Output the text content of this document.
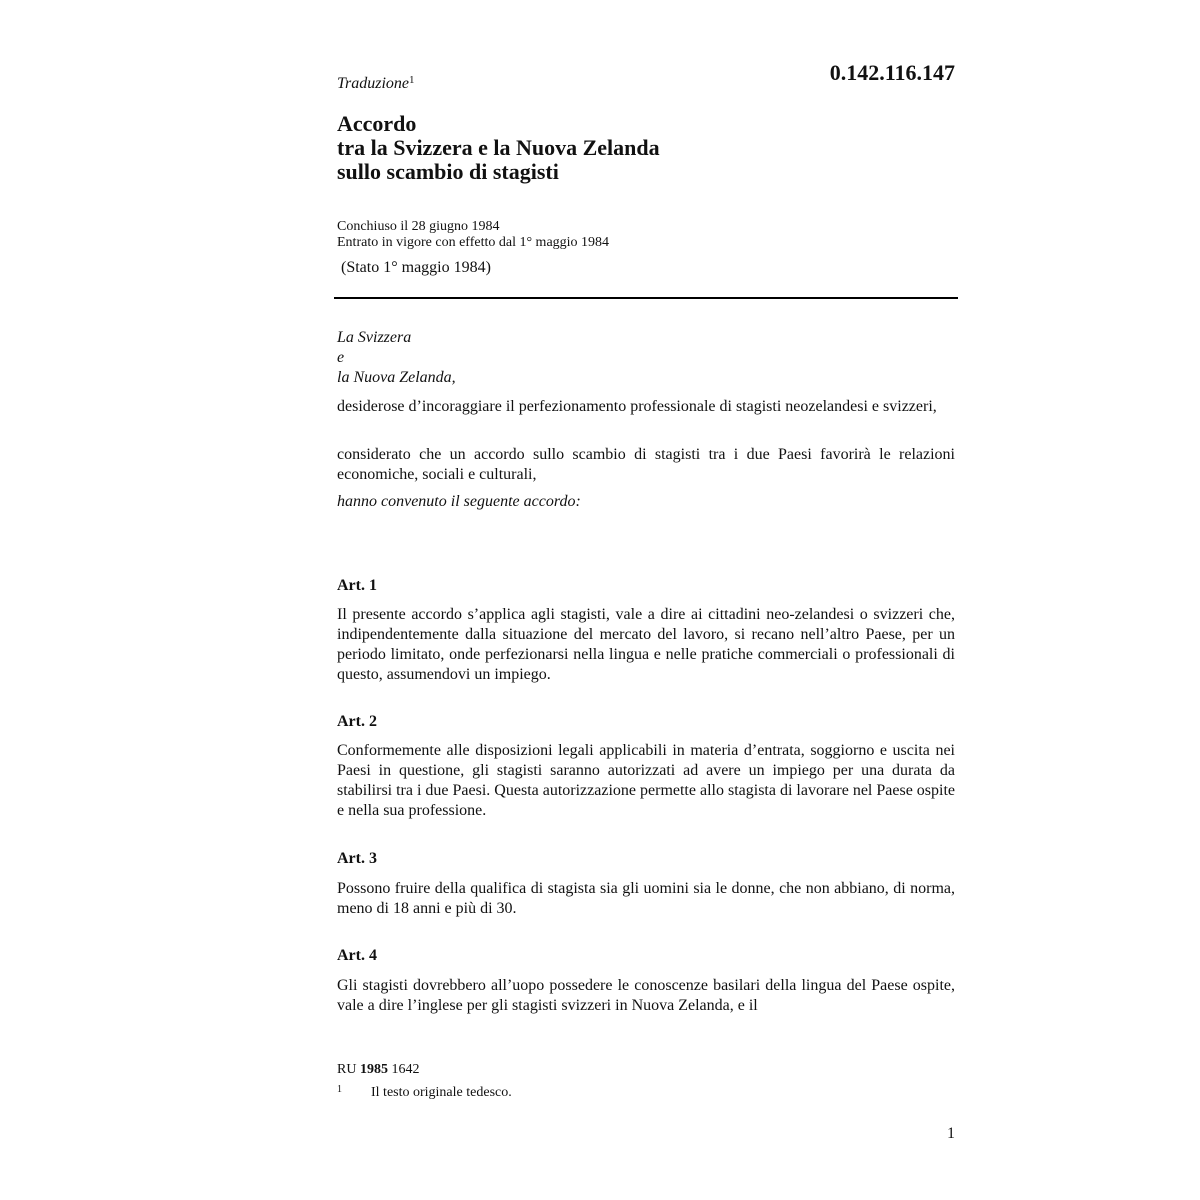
0.142.116.147
Traduzione$^1$
Accordo
tra la Svizzera e la Nuova Zelanda
sullo scambio di stagisti
Conchiuso il 28 giugno 1984
Entrato in vigore con effetto dal 1° maggio 1984
(Stato 1° maggio 1984)
La Svizzera
e
la Nuova Zelanda,

desiderose d’incoraggiare il perfezionamento professionale di stagisti neozelandesi e svizzeri,

considerato che un accordo sullo scambio di stagisti tra i due Paesi favorirà le relazioni economiche, sociali e culturali,

hanno convenuto il seguente accordo:

Art. 1

Il presente accordo s’applica agli stagisti, vale a dire ai cittadini neo-zelandesi o svizzeri che, indipendentemente dalla situazione del mercato del lavoro, si recano nell’altro Paese, per un periodo limitato, onde perfezionarsi nella lingua e nelle pratiche commerciali o professionali di questo, assumendovi un impiego.

Art. 2

Conformemente alle disposizioni legali applicabili in materia d’entrata, soggiorno e uscita nei Paesi in questione, gli stagisti saranno autorizzati ad avere un impiego per una durata da stabilirsi tra i due Paesi. Questa autorizzazione permette allo stagista di lavorare nel Paese ospite e nella sua professione.

Art. 3

Possono fruire della qualifica di stagista sia gli uomini sia le donne, che non abbiano, di norma, meno di 18 anni e più di 30.

Art. 4

Gli stagisti dovrebbero all’uopo possedere le conoscenze basilari della lingua del Paese ospite, vale a dire l’inglese per gli stagisti svizzeri in Nuova Zelanda, e il

RU 1985 1642
1 Il testo originale tedesco.
1
